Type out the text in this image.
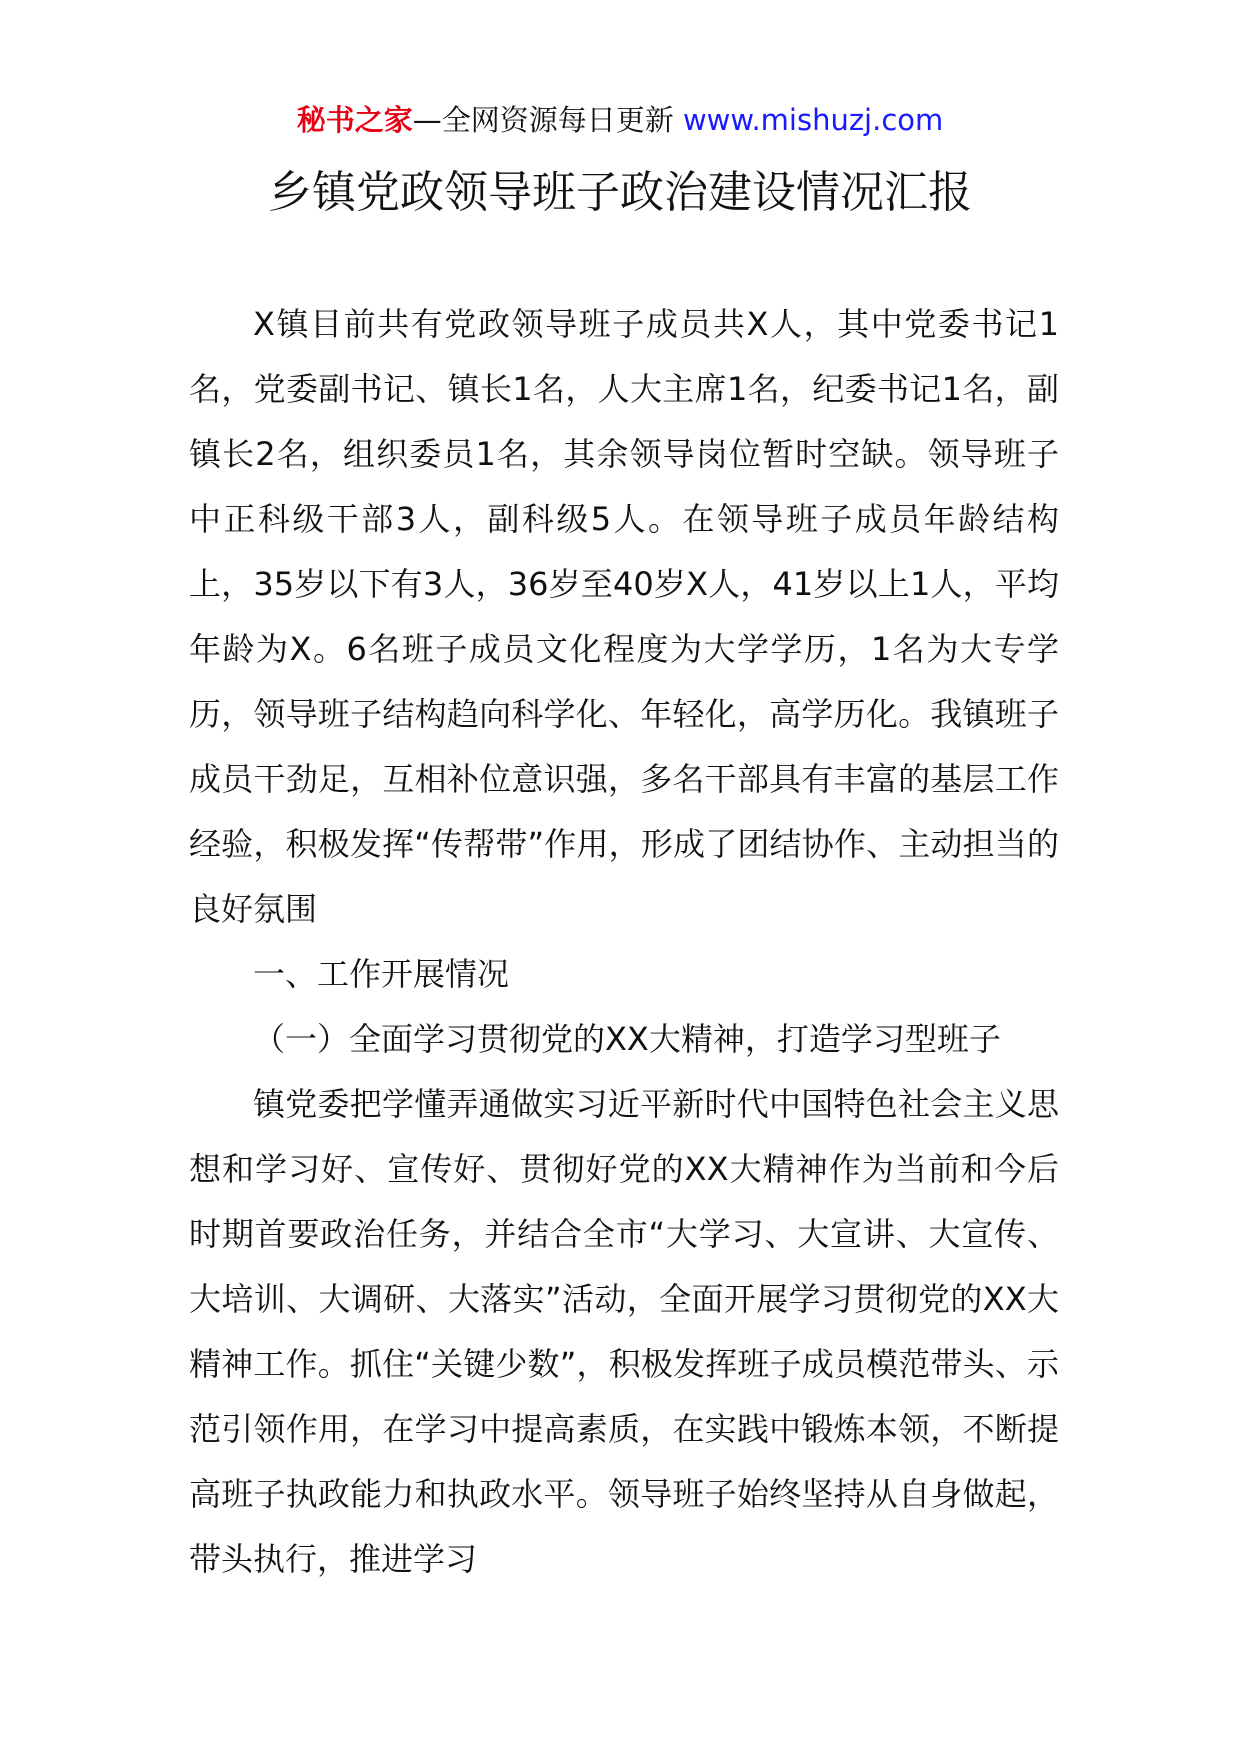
秘书之家—全网资源每日更新 www.mishuzj.com
乡镇党政领导班子政治建设情况汇报

X镇目前共有党政领导班子成员共X人，其中党委书记1名，党委副书记、镇长1名，人大主席1名，纪委书记1名，副镇长2名，组织委员1名，其余领导岗位暂时空缺。领导班子中正科级干部3人，副科级5人。在领导班子成员年龄结构上，35岁以下有3人，36岁至40岁X人，41岁以上1人，平均年龄为X。6名班子成员文化程度为大学学历，1名为大专学历，领导班子结构趋向科学化、年轻化，高学历化。我镇班子成员干劲足，互相补位意识强，多名干部具有丰富的基层工作经验，积极发挥“传帮带”作用，形成了团结协作、主动担当的良好氛围

一、工作开展情况

（一）全面学习贯彻党的XX大精神，打造学习型班子

镇党委把学懂弄通做实习近平新时代中国特色社会主义思想和学习好、宣传好、贯彻好党的XX大精神作为当前和今后时期首要政治任务，并结合全市“大学习、大宣讲、大宣传、大培训、大调研、大落实”活动，全面开展学习贯彻党的XX大精神工作。抓住“关键少数”，积极发挥班子成员模范带头、示范引领作用，在学习中提高素质，在实践中锻炼本领，不断提高班子执政能力和执政水平。领导班子始终坚持从自身做起，带头执行，推进学习
